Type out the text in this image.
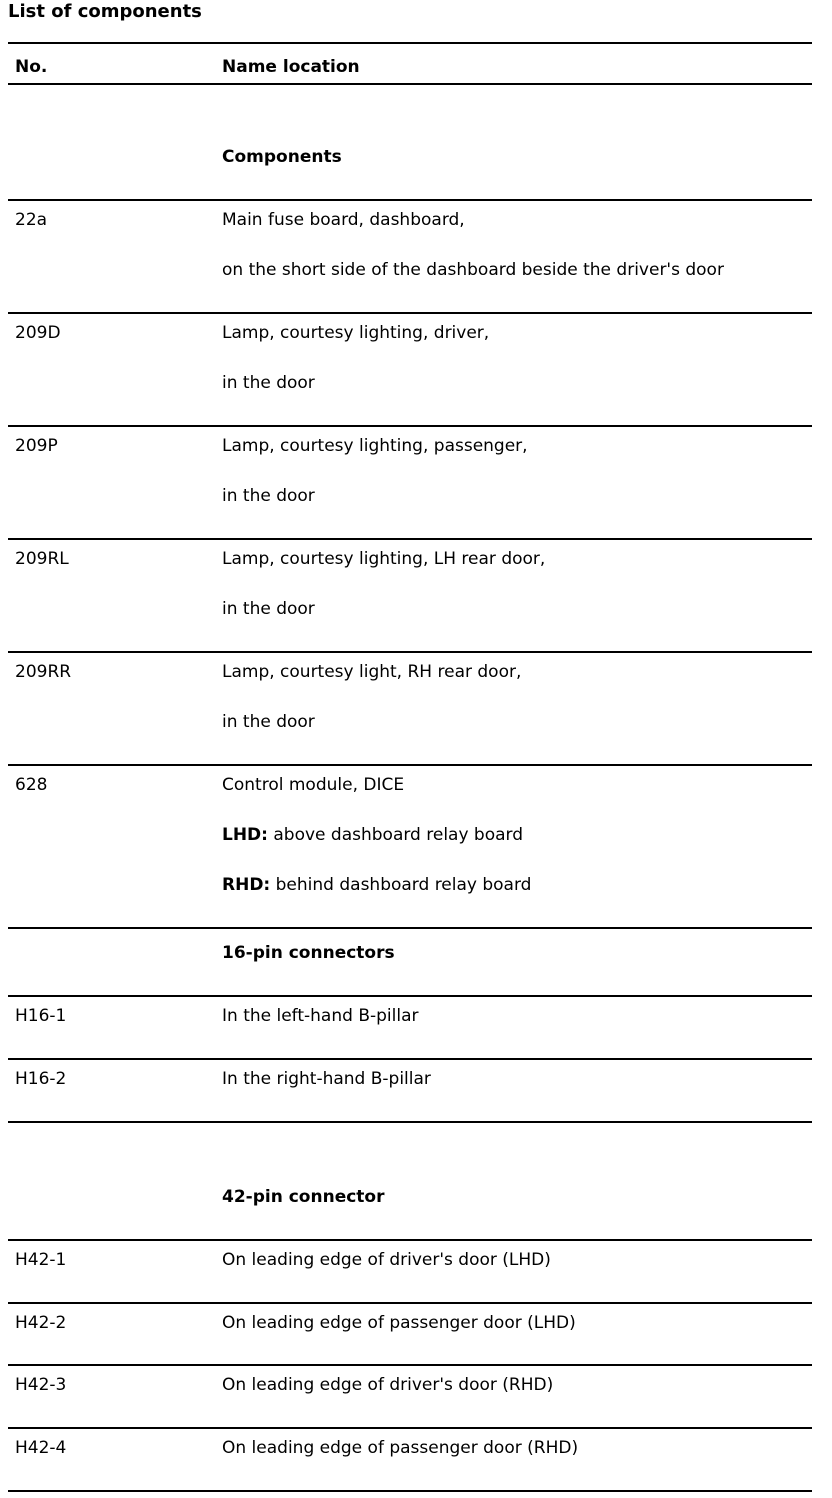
List of components
No.	Name location
Components
22a	Main fuse board, dashboard,
on the short side of the dashboard beside the driver's door
209D	Lamp, courtesy lighting, driver,
in the door
209P	Lamp, courtesy lighting, passenger,
in the door
209RL	Lamp, courtesy lighting, LH rear door,
in the door
209RR	Lamp, courtesy light, RH rear door,
in the door
628	Control module, DICE
LHD: above dashboard relay board
RHD: behind dashboard relay board
16-pin connectors
H16-1	In the left-hand B-pillar
H16-2	In the right-hand B-pillar
42-pin connector
H42-1	On leading edge of driver's door (LHD)
H42-2	On leading edge of passenger door (LHD)
H42-3	On leading edge of driver's door (RHD)
H42-4	On leading edge of passenger door (RHD)
